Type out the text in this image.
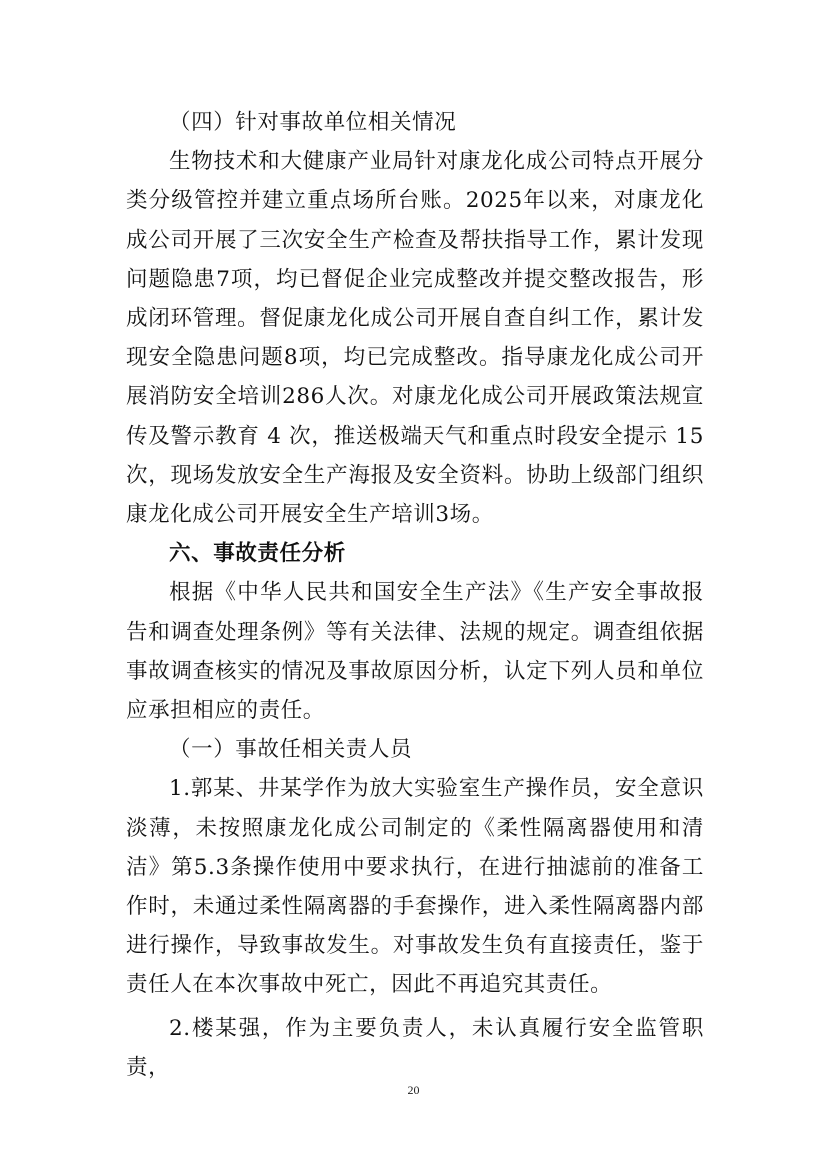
（四）针对事故单位相关情况

生物技术和大健康产业局针对康龙化成公司特点开展分类分级管控并建立重点场所台账。2025年以来，对康龙化成公司开展了三次安全生产检查及帮扶指导工作，累计发现问题隐患7项，均已督促企业完成整改并提交整改报告，形成闭环管理。督促康龙化成公司开展自查自纠工作，累计发现安全隐患问题8项，均已完成整改。指导康龙化成公司开展消防安全培训286人次。对康龙化成公司开展政策法规宣传及警示教育 4 次，推送极端天气和重点时段安全提示 15次，现场发放安全生产海报及安全资料。协助上级部门组织康龙化成公司开展安全生产培训3场。

六、事故责任分析

根据《中华人民共和国安全生产法》《生产安全事故报告和调查处理条例》等有关法律、法规的规定。调查组依据事故调查核实的情况及事故原因分析，认定下列人员和单位应承担相应的责任。

（一）事故任相关责人员

1.郭某、井某学作为放大实验室生产操作员，安全意识淡薄，未按照康龙化成公司制定的《柔性隔离器使用和清洁》第5.3条操作使用中要求执行，在进行抽滤前的准备工作时，未通过柔性隔离器的手套操作，进入柔性隔离器内部进行操作，导致事故发生。对事故发生负有直接责任，鉴于责任人在本次事故中死亡，因此不再追究其责任。

2.楼某强，作为主要负责人，未认真履行安全监管职责，

20
